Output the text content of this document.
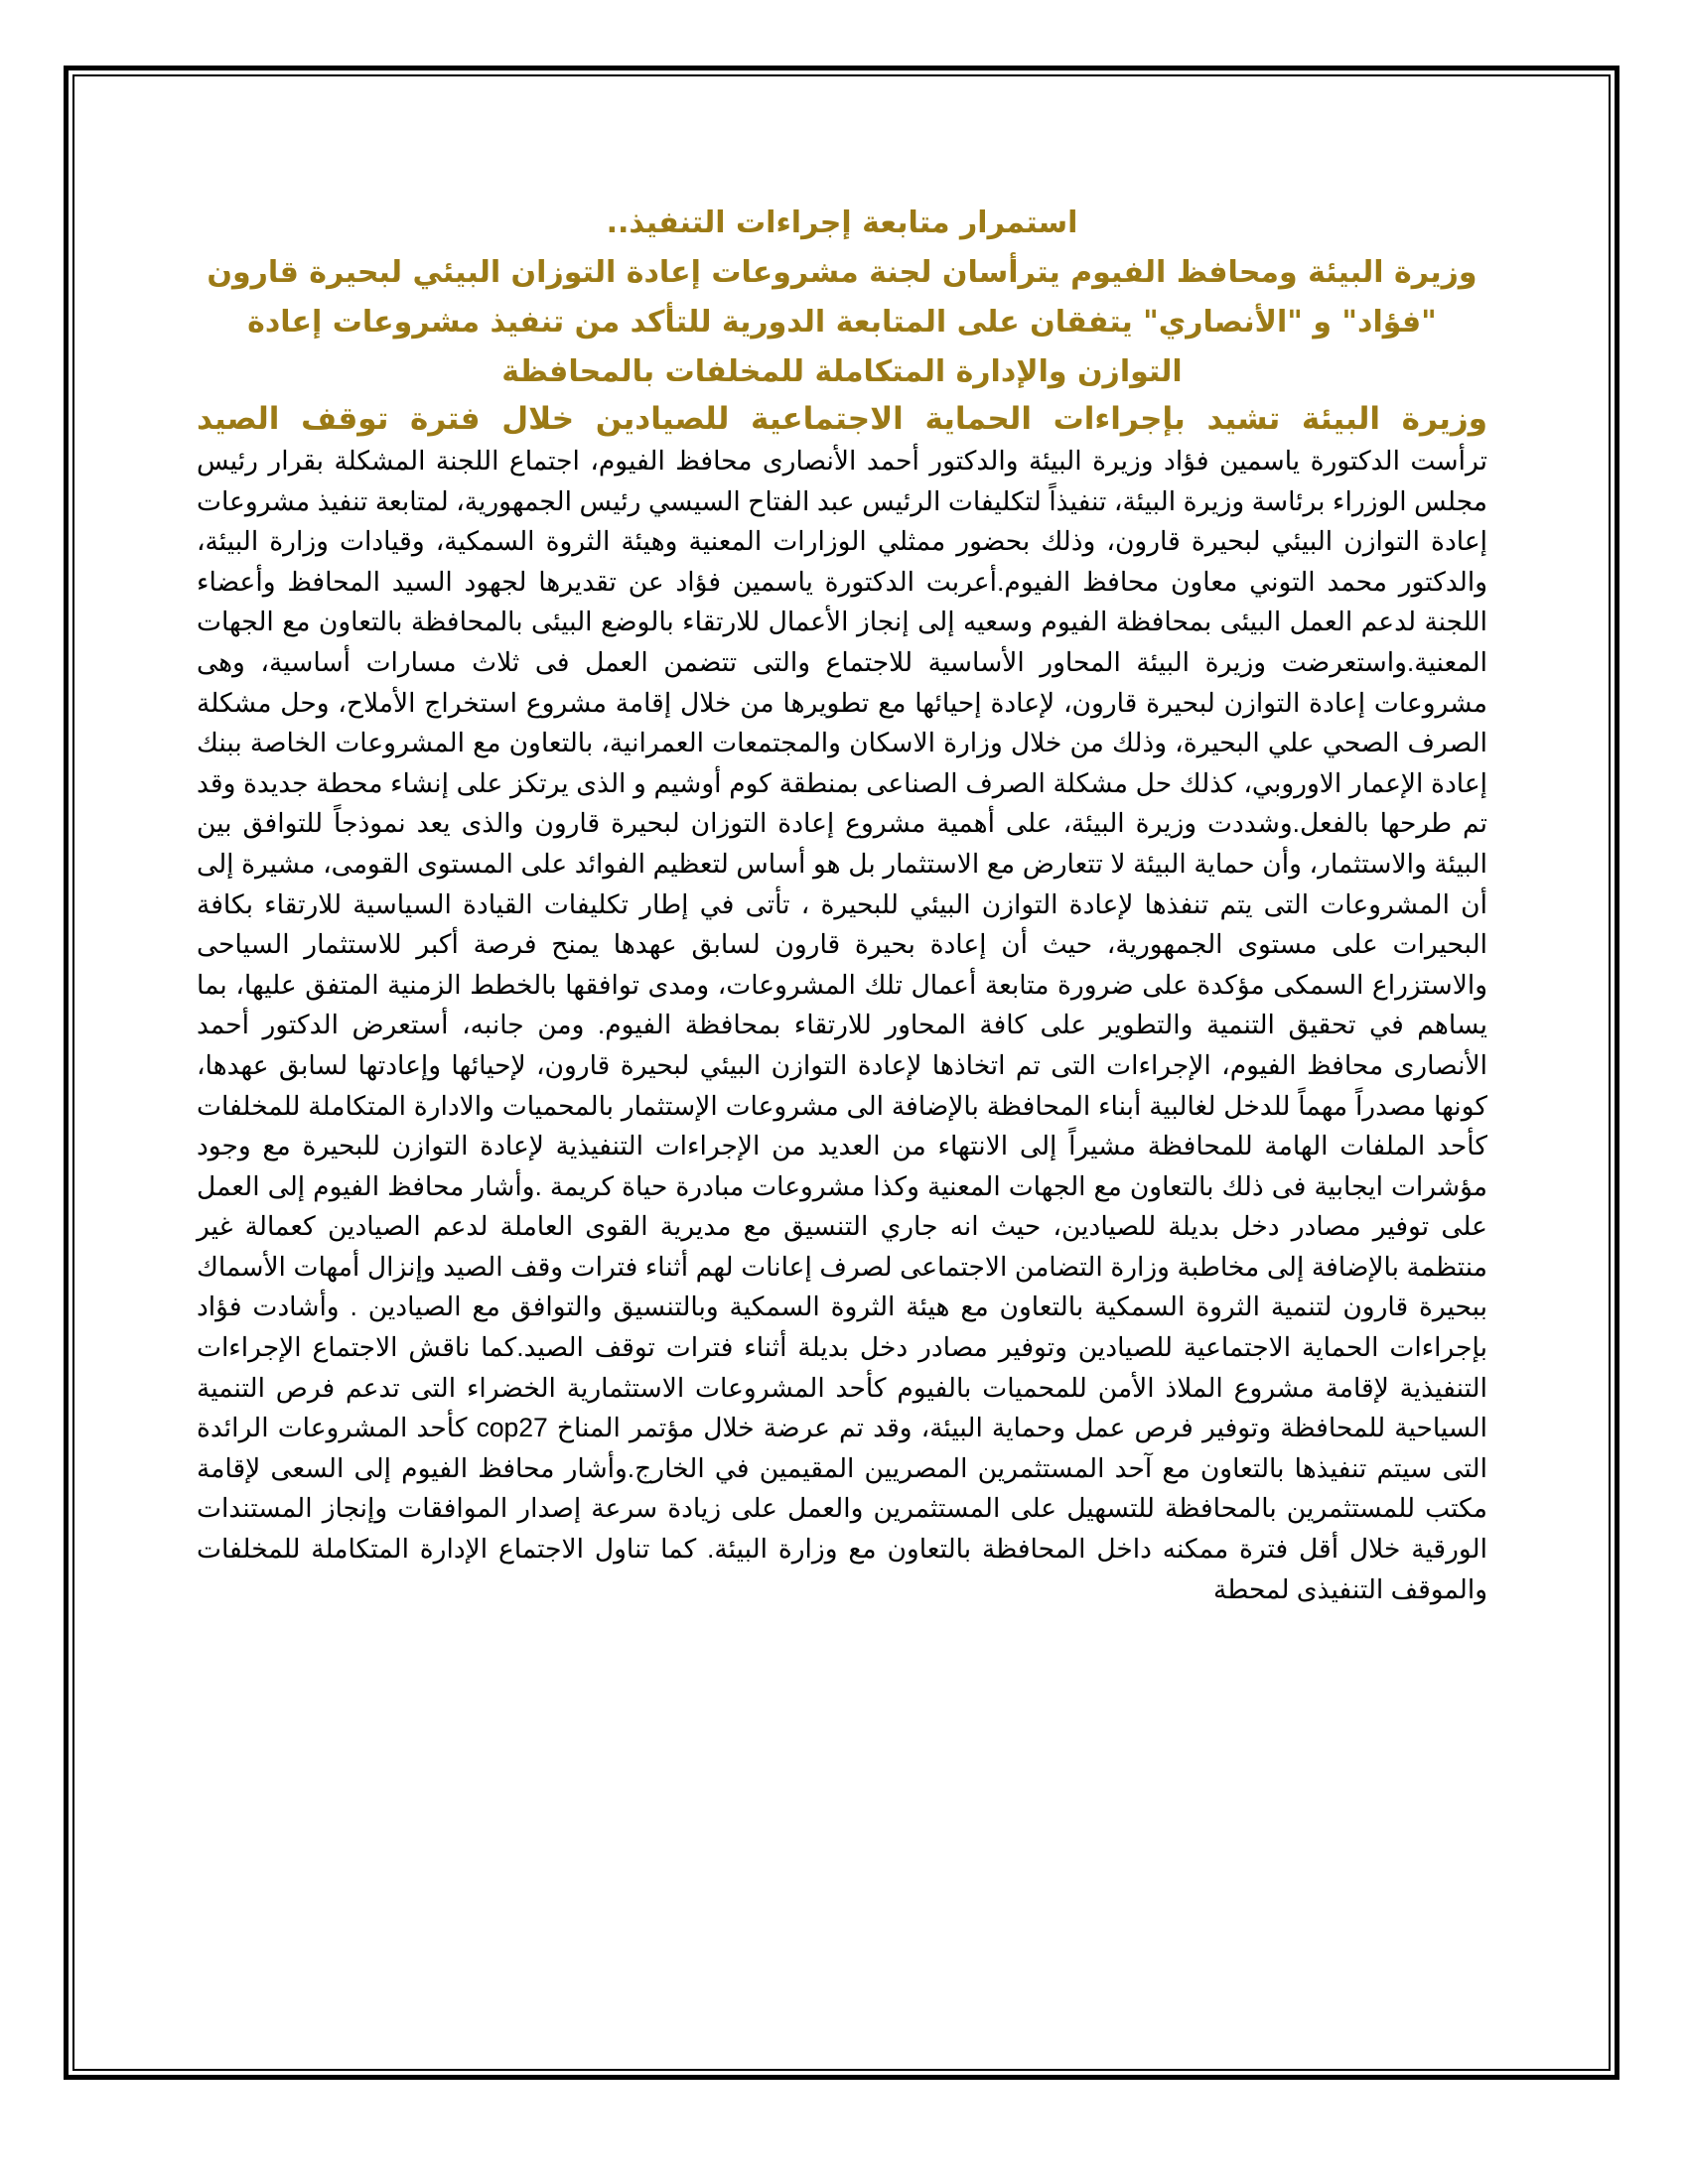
استمرار متابعة إجراءات التنفيذ..

وزيرة البيئة ومحافظ الفيوم يترأسان لجنة مشروعات إعادة التوزان البيئي لبحيرة قارون

"فؤاد" و "الأنصاري" يتفقان على المتابعة الدورية للتأكد من تنفيذ مشروعات إعادة التوازن والإدارة المتكاملة للمخلفات بالمحافظة

وزيرة البيئة تشيد بإجراءات الحماية الاجتماعية للصيادين خلال فترة توقف الصيد

ترأست الدكتورة ياسمين فؤاد وزيرة البيئة والدكتور أحمد الأنصارى محافظ الفيوم، اجتماع اللجنة المشكلة بقرار رئيس مجلس الوزراء برئاسة وزيرة البيئة، تنفيذاً لتكليفات الرئيس عبد الفتاح السيسي رئيس الجمهورية، لمتابعة تنفيذ مشروعات إعادة التوازن البيئي لبحيرة قارون، وذلك بحضور ممثلي الوزارات المعنية وهيئة الثروة السمكية، وقيادات وزارة البيئة، والدكتور محمد التوني معاون محافظ الفيوم.أعربت الدكتورة ياسمين فؤاد عن تقديرها لجهود السيد المحافظ وأعضاء اللجنة لدعم العمل البيئى بمحافظة الفيوم وسعيه إلى إنجاز الأعمال للارتقاء بالوضع البيئى بالمحافظة بالتعاون مع الجهات المعنية.واستعرضت وزيرة البيئة المحاور الأساسية للاجتماع والتى تتضمن العمل فى ثلاث مسارات أساسية، وهى مشروعات إعادة التوازن لبحيرة قارون، لإعادة إحيائها مع تطويرها من خلال إقامة مشروع استخراج الأملاح، وحل مشكلة الصرف الصحي علي البحيرة، وذلك من خلال وزارة الاسكان والمجتمعات العمرانية، بالتعاون مع المشروعات الخاصة ببنك إعادة الإعمار الاوروبي، كذلك حل مشكلة الصرف الصناعى بمنطقة كوم أوشيم و الذى يرتكز على إنشاء محطة جديدة وقد تم طرحها بالفعل.وشددت وزيرة البيئة، على أهمية مشروع إعادة التوزان لبحيرة قارون والذى يعد نموذجاً للتوافق بين البيئة والاستثمار، وأن حماية البيئة لا تتعارض مع الاستثمار بل هو أساس لتعظيم الفوائد على المستوى القومى، مشيرة إلى أن المشروعات التى يتم تنفذها لإعادة التوازن البيئي للبحيرة ، تأتى في إطار تكليفات القيادة السياسية للارتقاء بكافة البحيرات على مستوى الجمهورية، حيث أن إعادة بحيرة قارون لسابق عهدها يمنح فرصة أكبر للاستثمار السياحى والاستزراع السمكى مؤكدة على ضرورة متابعة أعمال تلك المشروعات، ومدى توافقها بالخطط الزمنية المتفق عليها، بما يساهم في تحقيق التنمية والتطوير على كافة المحاور للارتقاء بمحافظة الفيوم. ومن جانبه، أستعرض الدكتور أحمد الأنصارى محافظ الفيوم، الإجراءات التى تم اتخاذها لإعادة التوازن البيئي لبحيرة قارون، لإحيائها وإعادتها لسابق عهدها، كونها مصدراً مهماً للدخل لغالبية أبناء المحافظة بالإضافة الى مشروعات الإستثمار بالمحميات والادارة المتكاملة للمخلفات كأحد الملفات الهامة للمحافظة مشيراً إلى الانتهاء من العديد من الإجراءات التنفيذية لإعادة التوازن للبحيرة مع وجود مؤشرات ايجابية فى ذلك بالتعاون مع الجهات المعنية وكذا مشروعات مبادرة حياة كريمة .وأشار محافظ الفيوم إلى العمل على توفير مصادر دخل بديلة للصيادين، حيث انه جاري التنسيق مع مديرية القوى العاملة لدعم الصيادين كعمالة غير منتظمة بالإضافة إلى مخاطبة وزارة التضامن الاجتماعى لصرف إعانات لهم أثناء فترات وقف الصيد وإنزال أمهات الأسماك ببحيرة قارون لتنمية الثروة السمكية بالتعاون مع هيئة الثروة السمكية وبالتنسيق والتوافق مع الصيادين . وأشادت فؤاد بإجراءات الحماية الاجتماعية للصيادين وتوفير مصادر دخل بديلة أثناء فترات توقف الصيد.كما ناقش الاجتماع الإجراءات التنفيذية لإقامة مشروع الملاذ الأمن للمحميات بالفيوم كأحد المشروعات الاستثمارية الخضراء التى تدعم فرص التنمية السياحية للمحافظة وتوفير فرص عمل وحماية البيئة، وقد تم عرضة خلال مؤتمر المناخ cop27 كأحد المشروعات الرائدة التى سيتم تنفيذها بالتعاون مع آحد المستثمرين المصريين المقيمين في الخارج.وأشار محافظ الفيوم إلى السعى لإقامة مكتب للمستثمرين بالمحافظة للتسهيل على المستثمرين والعمل على زيادة سرعة إصدار الموافقات وإنجاز المستندات الورقية خلال أقل فترة ممكنه داخل المحافظة بالتعاون مع وزارة البيئة. كما تناول الاجتماع الإدارة المتكاملة للمخلفات والموقف التنفيذى لمحطة
